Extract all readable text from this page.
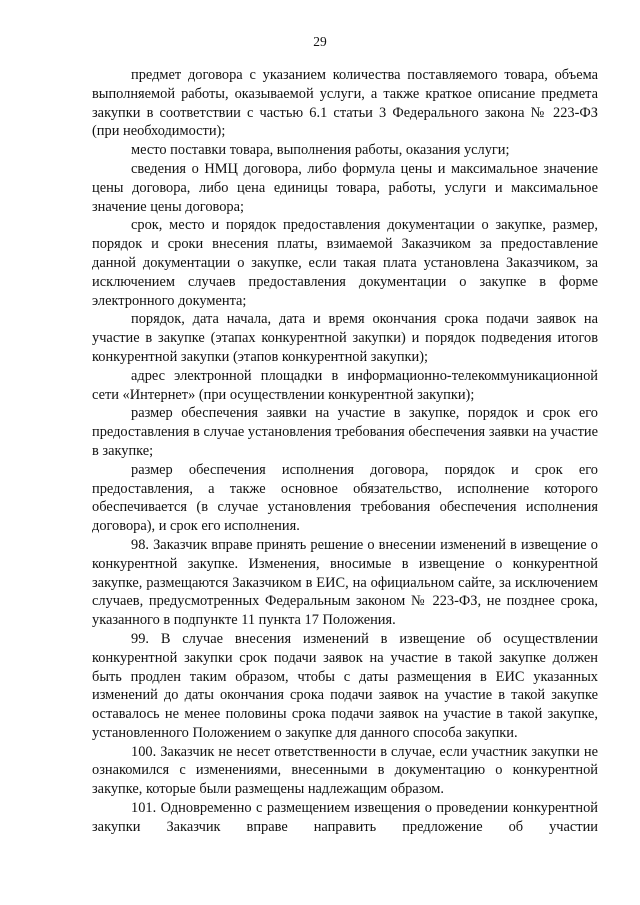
29

предмет договора с указанием количества поставляемого товара, объема выполняемой работы, оказываемой услуги, а также краткое описание предмета закупки в соответствии с частью 6.1 статьи 3 Федерального закона № 223-ФЗ (при необходимости);

место поставки товара, выполнения работы, оказания услуги;

сведения о НМЦ договора, либо формула цены и максимальное значение цены договора, либо цена единицы товара, работы, услуги и максимальное значение цены договора;

срок, место и порядок предоставления документации о закупке, размер, порядок и сроки внесения платы, взимаемой Заказчиком за предоставление данной документации о закупке, если такая плата установлена Заказчиком, за исключением случаев предоставления документации о закупке в форме электронного документа;

порядок, дата начала, дата и время окончания срока подачи заявок на участие в закупке (этапах конкурентной закупки) и порядок подведения итогов конкурентной закупки (этапов конкурентной закупки);

адрес электронной площадки в информационно-телекоммуникационной сети «Интернет» (при осуществлении конкурентной закупки);

размер обеспечения заявки на участие в закупке, порядок и срок его предоставления в случае установления требования обеспечения заявки на участие в закупке;

размер обеспечения исполнения договора, порядок и срок его предоставления, а также основное обязательство, исполнение которого обеспечивается (в случае установления требования обеспечения исполнения договора), и срок его исполнения.

98. Заказчик вправе принять решение о внесении изменений в извещение о конкурентной закупке. Изменения, вносимые в извещение о конкурентной закупке, размещаются Заказчиком в ЕИС, на официальном сайте, за исключением случаев, предусмотренных Федеральным законом № 223-ФЗ, не позднее срока, указанного в подпункте 11 пункта 17 Положения.

99. В случае внесения изменений в извещение об осуществлении конкурентной закупки срок подачи заявок на участие в такой закупке должен быть продлен таким образом, чтобы с даты размещения в ЕИС указанных изменений до даты окончания срока подачи заявок на участие в такой закупке оставалось не менее половины срока подачи заявок на участие в такой закупке, установленного Положением о закупке для данного способа закупки.

100. Заказчик не несет ответственности в случае, если участник закупки не ознакомился с изменениями, внесенными в документацию о конкурентной закупке, которые были размещены надлежащим образом.

101. Одновременно с размещением извещения о проведении конкурентной закупки Заказчик вправе направить предложение об участии
